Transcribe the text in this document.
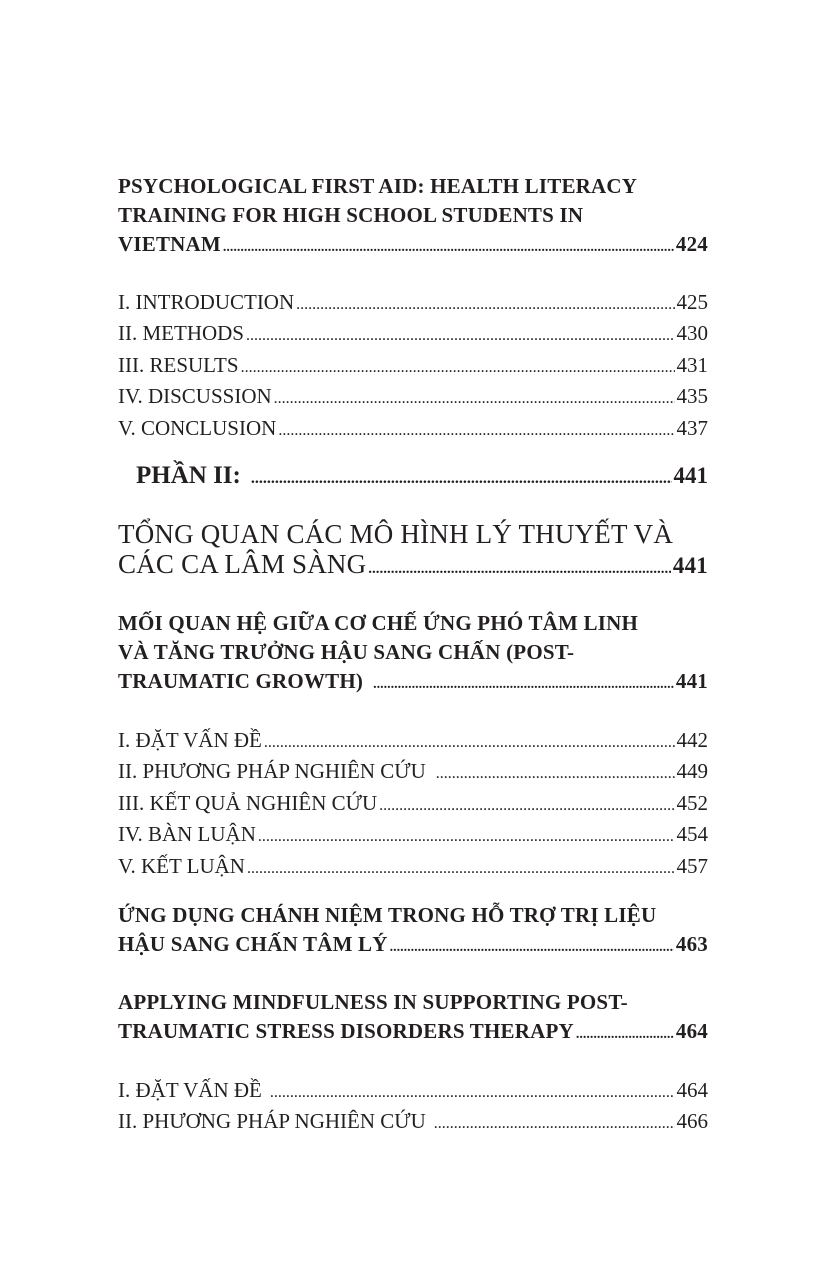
PSYCHOLOGICAL FIRST AID: HEALTH LITERACY
TRAINING FOR HIGH SCHOOL STUDENTS IN
VIETNAM .....	424
I. INTRODUCTION .....	425
II. METHODS .....	430
III. RESULTS .....	431
IV. DISCUSSION .....	435
V. CONCLUSION .....	437
PHẦN II: .....	441
TỔNG QUAN CÁC MÔ HÌNH LÝ THUYẾT VÀ
CÁC CA LÂM SÀNG .....	441
MỐI QUAN HỆ GIỮA CƠ CHẾ ỨNG PHÓ TÂM LINH
VÀ TĂNG TRƯỞNG HẬU SANG CHẤN (POST-
TRAUMATIC GROWTH) .....	441
I. ĐẶT VẤN ĐỀ .....	442
II. PHƯƠNG PHÁP NGHIÊN CỨU .....	449
III. KẾT QUẢ NGHIÊN CỨU .....	452
IV. BÀN LUẬN .....	454
V. KẾT LUẬN .....	457
ỨNG DỤNG CHÁNH NIỆM TRONG HỖ TRỢ TRỊ LIỆU
HẬU SANG CHẤN TÂM LÝ .....	463
APPLYING MINDFULNESS IN SUPPORTING POST-
TRAUMATIC STRESS DISORDERS THERAPY .....	464
I. ĐẶT VẤN ĐỀ .....	464
II. PHƯƠNG PHÁP NGHIÊN CỨU .....	466
